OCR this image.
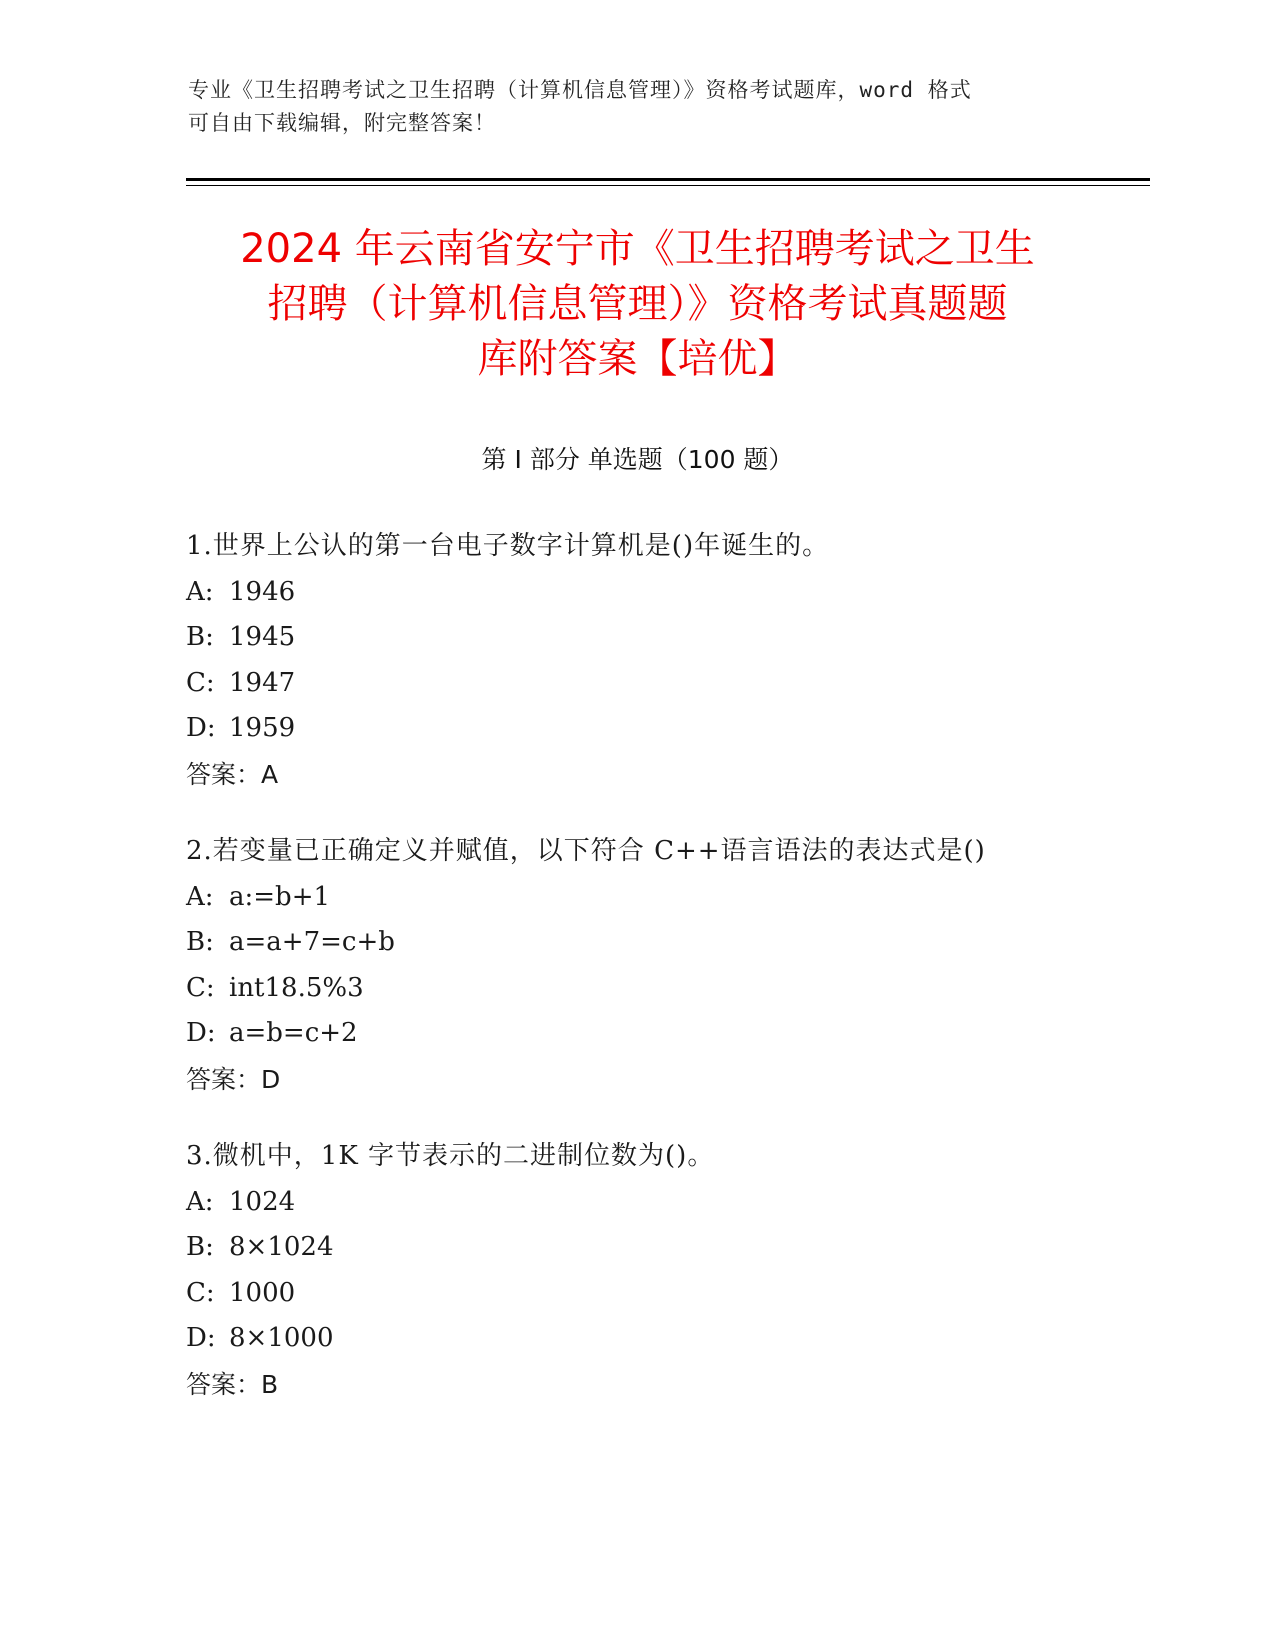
专业《卫生招聘考试之卫生招聘（计算机信息管理）》资格考试题库，word 格式
可自由下载编辑，附完整答案！
2024 年云南省安宁市《卫生招聘考试之卫生
招聘（计算机信息管理）》资格考试真题题
库附答案【培优】
第 I 部分 单选题（100 题）
1.世界上公认的第一台电子数字计算机是()年诞生的。
A: 1946
B: 1945
C: 1947
D: 1959
答案：A
2.若变量已正确定义并赋值，以下符合 C++语言语法的表达式是()
A: a:=b+1
B: a=a+7=c+b
C: int18.5%3
D: a=b=c+2
答案：D
3.微机中，1K 字节表示的二进制位数为()。
A: 1024
B: 8×1024
C: 1000
D: 8×1000
答案：B
